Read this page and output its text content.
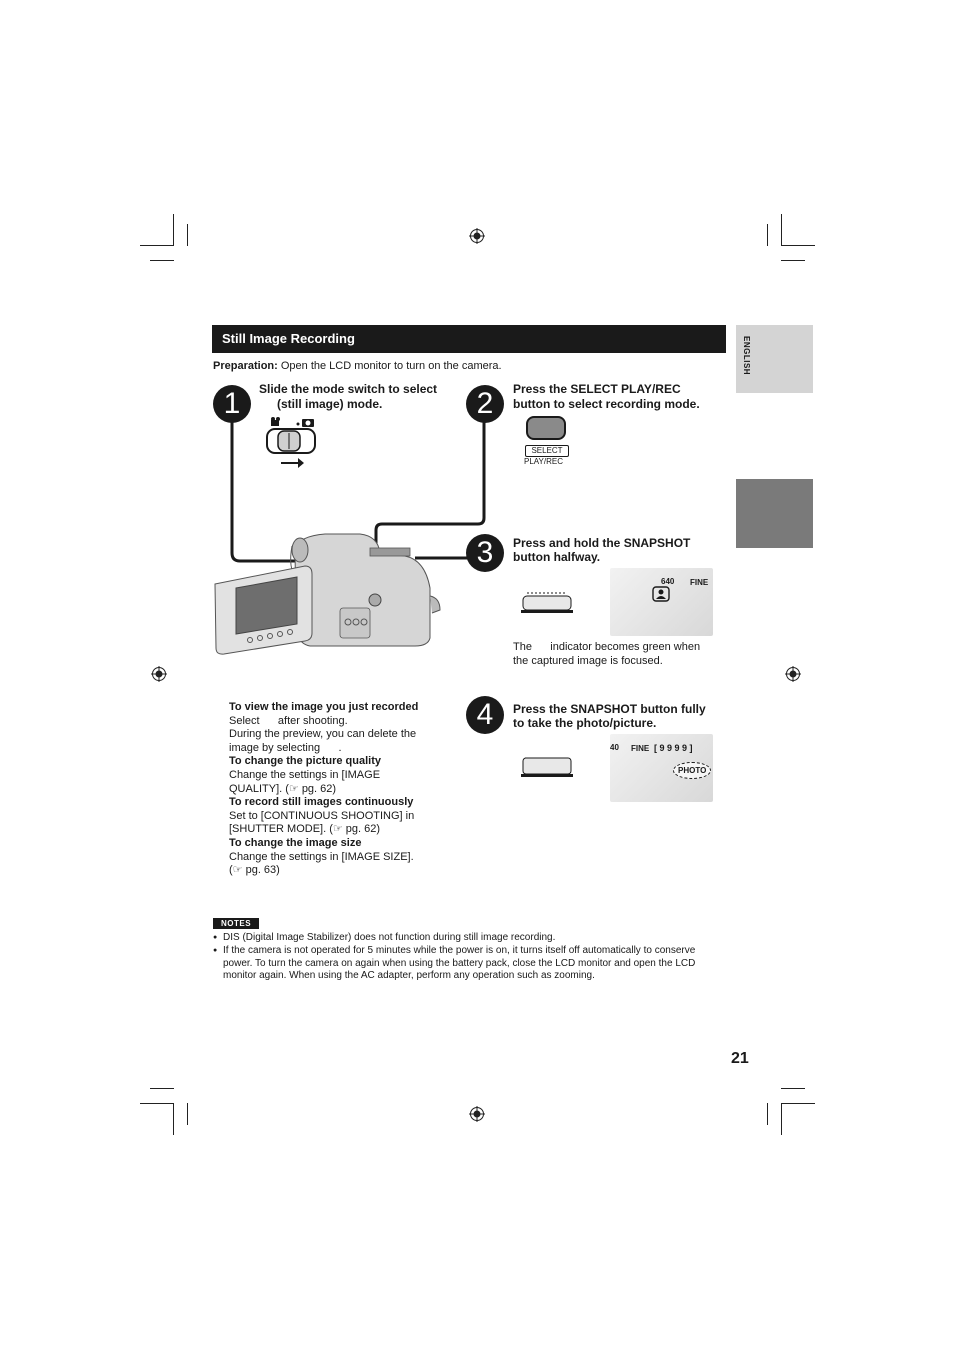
ENGLISH
Still Image Recording
Preparation: Open the LCD monitor to turn on the camera.
1	Slide the mode switch to select
(still image) mode.	2	Press the SELECT PLAY/REC
button to select recording mode.
SELECT
PLAY/REC
3	Press and hold the SNAPSHOT
button halfway.
640 FINE
The      indicator becomes green when
the captured image is focused.
4	Press the SNAPSHOT button fully
to take the photo/picture.
40 FINE [ 9 9 9 9 ]
PHOTO
To view the image you just recorded
Select      after shooting.
During the preview, you can delete the
image by selecting      .
To change the picture quality
Change the settings in [IMAGE
QUALITY]. (☞ pg. 62)
To record still images continuously
Set to [CONTINUOUS SHOOTING] in
[SHUTTER MODE]. (☞ pg. 62)
To change the image size
Change the settings in [IMAGE SIZE].
(☞ pg. 63)
NOTES
● DIS (Digital Image Stabilizer) does not function during still image recording.
● If the camera is not operated for 5 minutes while the power is on, it turns itself off automatically to conserve power. To turn the camera on again when using the battery pack, close the LCD monitor and open the LCD monitor again. When using the AC adapter, perform any operation such as zooming.
21
